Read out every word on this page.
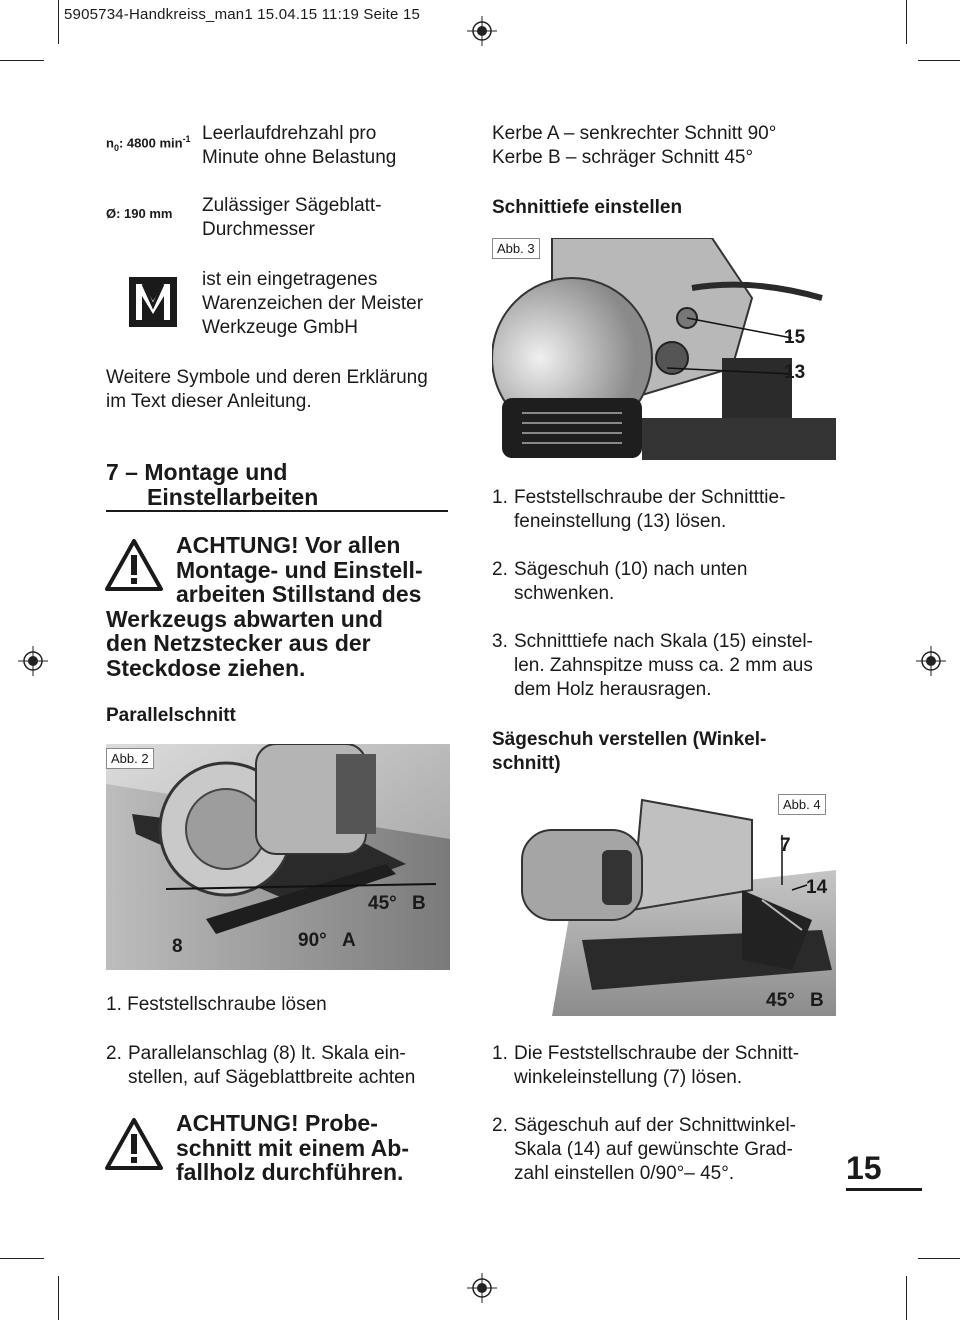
5905734-Handkreiss_man1 15.04.15 11:19 Seite 15
$n_0$: 4800 $\min^{-1}$ Leerlaufdrehzahl pro
Minute ohne Belastung
Ø: 190 mm Zulässiger Sägeblatt-
Durchmesser
ist ein eingetragenes
Warenzeichen der Meister
Werkzeuge GmbH
Weitere Symbole und deren Erklärung
im Text dieser Anleitung.
7 – Montage und
Einstellarbeiten
ACHTUNG! Vor allen
Montage- und Einstell-
arbeiten Stillstand des
Werkzeugs abwarten und
den Netzstecker aus der
Steckdose ziehen.
Parallelschnitt
Abb. 2
45° B
90° A
8
1. Feststellschraube lösen
2. Parallelanschlag (8) lt. Skala ein-
stellen, auf Sägeblattbreite achten
ACHTUNG! Probe-
schnitt mit einem Ab-
fallholz durchführen.
Kerbe A – senkrechter Schnitt 90°
Kerbe B – schräger Schnitt 45°
Schnittiefe einstellen
Abb. 3
15
13
1. Feststellschraube der Schnitttie-
feneinstellung (13) lösen.
2. Sägeschuh (10) nach unten
schwenken.
3. Schnitttiefe nach Skala (15) einstel-
len. Zahnspitze muss ca. 2 mm aus
dem Holz herausragen.
Sägeschuh verstellen (Winkel-
schnitt)
Abb. 4
7
14
45° B
1. Die Feststellschraube der Schnitt-
winkeleinstellung (7) lösen.
2. Sägeschuh auf der Schnittwinkel-
Skala (14) auf gewünschte Grad-
zahl einstellen 0/90°– 45°.	15
